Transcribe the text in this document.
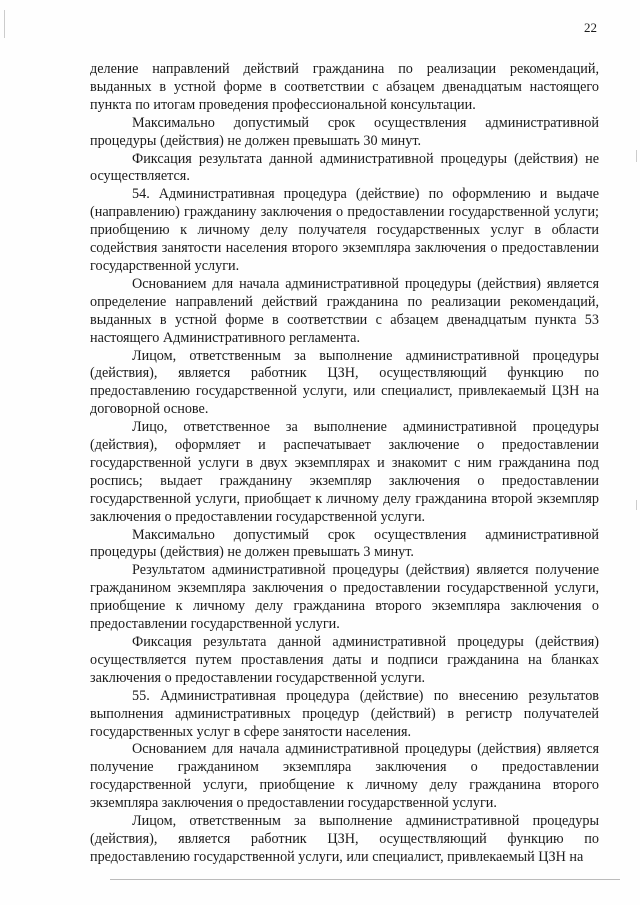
22

деление направлений действий гражданина по реализации рекомендаций, выданных в устной форме в соответствии с абзацем двенадцатым настоящего пункта по итогам проведения профессиональной консультации.

Максимально допустимый срок осуществления административной процедуры (действия) не должен превышать 30 минут.

Фиксация результата данной административной процедуры (действия) не осуществляется.

54. Административная процедура (действие) по оформлению и выдаче (направлению) гражданину заключения о предоставлении государственной услуги; приобщению к личному делу получателя государственных услуг в области содействия занятости населения второго экземпляра заключения о предоставлении государственной услуги.

Основанием для начала административной процедуры (действия) является определение направлений действий гражданина по реализации рекомендаций, выданных в устной форме в соответствии с абзацем двенадцатым пункта 53 настоящего Административного регламента.

Лицом, ответственным за выполнение административной процедуры (действия), является работник ЦЗН, осуществляющий функцию по предоставлению государственной услуги, или специалист, привлекаемый ЦЗН на договорной основе.

Лицо, ответственное за выполнение административной процедуры (действия), оформляет и распечатывает заключение о предоставлении государственной услуги в двух экземплярах и знакомит с ним гражданина под роспись; выдает гражданину экземпляр заключения о предоставлении государственной услуги, приобщает к личному делу гражданина второй экземпляр заключения о предоставлении государственной услуги.

Максимально допустимый срок осуществления административной процедуры (действия) не должен превышать 3 минут.

Результатом административной процедуры (действия) является получение гражданином экземпляра заключения о предоставлении государственной услуги, приобщение к личному делу гражданина второго экземпляра заключения о предоставлении государственной услуги.

Фиксация результата данной административной процедуры (действия) осуществляется путем проставления даты и подписи гражданина на бланках заключения о предоставлении государственной услуги.

55. Административная процедура (действие) по внесению результатов выполнения административных процедур (действий) в регистр получателей государственных услуг в сфере занятости населения.

Основанием для начала административной процедуры (действия) является получение гражданином экземпляра заключения о предоставлении государственной услуги, приобщение к личному делу гражданина второго экземпляра заключения о предоставлении государственной услуги.

Лицом, ответственным за выполнение административной процедуры (действия), является работник ЦЗН, осуществляющий функцию по предоставлению государственной услуги, или специалист, привлекаемый ЦЗН на
